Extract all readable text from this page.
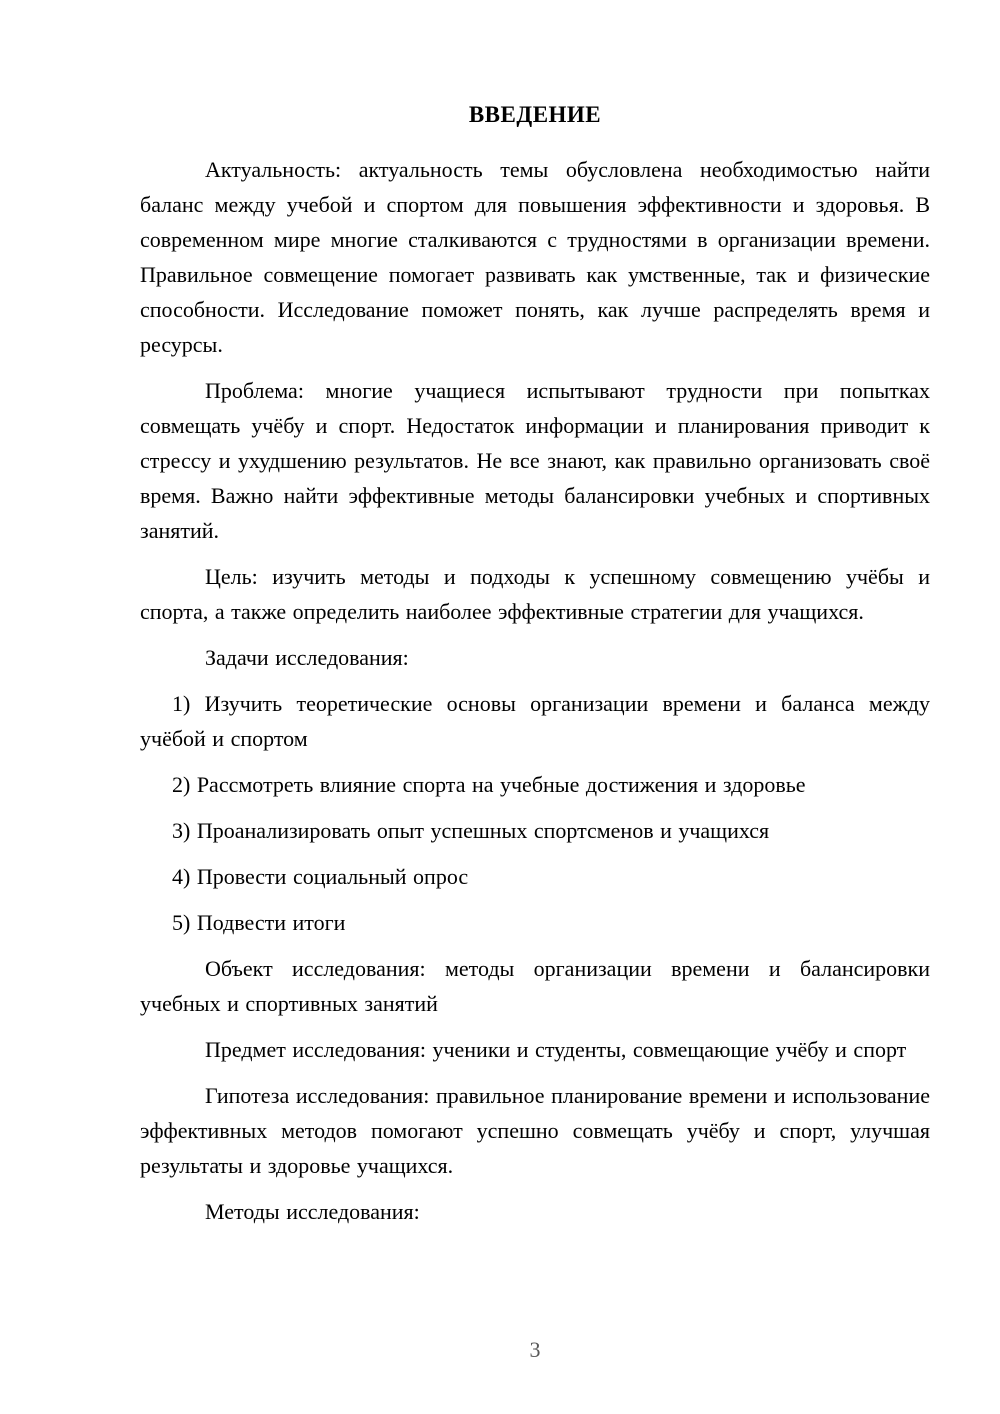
ВВЕДЕНИЕ

Актуальность: актуальность темы обусловлена необходимостью найти баланс между учебой и спортом для повышения эффективности и здоровья. В современном мире многие сталкиваются с трудностями в организации времени. Правильное совмещение помогает развивать как умственные, так и физические способности. Исследование поможет понять, как лучше распределять время и ресурсы.

Проблема: многие учащиеся испытывают трудности при попытках совмещать учёбу и спорт. Недостаток информации и планирования приводит к стрессу и ухудшению результатов. Не все знают, как правильно организовать своё время. Важно найти эффективные методы балансировки учебных и спортивных занятий.

Цель: изучить методы и подходы к успешному совмещению учёбы и спорта, а также определить наиболее эффективные стратегии для учащихся.

Задачи исследования:

1) Изучить теоретические основы организации времени и баланса между учёбой и спортом

2) Рассмотреть влияние спорта на учебные достижения и здоровье

3) Проанализировать опыт успешных спортсменов и учащихся

4) Провести социальный опрос

5) Подвести итоги

Объект исследования: методы организации времени и балансировки учебных и спортивных занятий

Предмет исследования: ученики и студенты, совмещающие учёбу и спорт

Гипотеза исследования: правильное планирование времени и использование эффективных методов помогают успешно совмещать учёбу и спорт, улучшая результаты и здоровье учащихся.

Методы исследования:

3
